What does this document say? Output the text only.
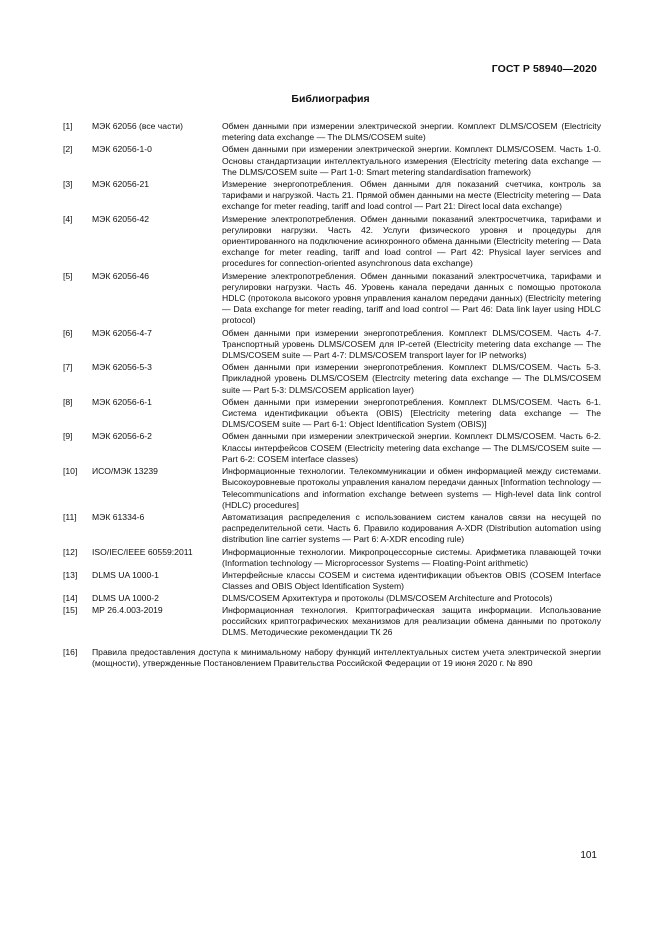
ГОСТ Р 58940—2020
Библиография
[1]	МЭК 62056 (все части)	Обмен данными при измерении электрической энергии. Комплект DLMS/COSEM (Electricity metering data exchange — The DLMS/COSEM suite)
[2]	МЭК 62056-1-0	Обмен данными при измерении электрической энергии. Комплект DLMS/COSEM. Часть 1-0. Основы стандартизации интеллектуального измерения (Electricity metering data exchange — The DLMS/COSEM suite — Part 1-0: Smart metering standardisation framework)
[3]	МЭК 62056-21	Измерение энергопотребления. Обмен данными для показаний счетчика, контроль за тарифами и нагрузкой. Часть 21. Прямой обмен данными на месте (Electricity metering — Data exchange for meter reading, tariff and load control — Part 21: Direct local data exchange)
[4]	МЭК 62056-42	Измерение электропотребления. Обмен данными показаний электросчетчика, тарифами и регулировки нагрузки. Часть 42. Услуги физического уровня и процедуры для ориентированного на подключение асинхронного обмена данными (Electricity metering — Data exchange for meter reading, tariff and load control — Part 42: Physical layer services and procedures for connection-oriented asynchronous data exchange)
[5]	МЭК 62056-46	Измерение электропотребления. Обмен данными показаний электросчетчика, тарифами и регулировки нагрузки. Часть 46. Уровень канала передачи данных с помощью протокола HDLC (протокола высокого уровня управления каналом передачи данных) (Electricity metering — Data exchange for meter reading, tariff and load control — Part 46: Data link layer using HDLC protocol)
[6]	МЭК 62056-4-7	Обмен данными при измерении энергопотребления. Комплект DLMS/COSEM. Часть 4-7. Транспортный уровень DLMS/COSEM для IP-сетей (Electricity metering data exchange — The DLMS/COSEM suite — Part 4-7: DLMS/COSEM transport layer for IP networks)
[7]	МЭК 62056-5-3	Обмен данными при измерении энергопотребления. Комплект DLMS/COSEM. Часть 5-3. Прикладной уровень DLMS/COSEM (Electrcity metering data exchange — The DLMS/COSEM suite — Part 5-3: DLMS/COSEM application layer)
[8]	МЭК 62056-6-1	Обмен данными при измерении энергопотребления. Комплект DLMS/COSEM. Часть 6-1. Система идентификации объекта (OBIS) [Electricity metering data exchange — The DLMS/COSEM suite — Part 6-1: Object Identification System (OBIS)]
[9]	МЭК 62056-6-2	Обмен данными при измерении электрической энергии. Комплект DLMS/COSEM. Часть 6-2. Классы интерфейсов COSEM (Electricity metering data exchange — The DLMS/COSEM suite — Part 6-2: COSEM interface classes)
[10]	ИСО/МЭК 13239	Информационные технологии. Телекоммуникации и обмен информацией между системами. Высокоуровневые протоколы управления каналом передачи данных [Information technology — Telecommunications and information exchange between systems — High-level data link control (HDLC) procedures]
[11]	МЭК 61334-6	Автоматизация распределения с использованием систем каналов связи на несущей по распределительной сети. Часть 6. Правило кодирования A-XDR (Distribution automation using distribution line carrier systems — Part 6: A-XDR encoding rule)
[12]	ISO/IEC/IEEE 60559:2011	Информационные технологии. Микропроцессорные системы. Арифметика плавающей точки (Information technology — Microprocessor Systems — Floating-Point arithmetic)
[13]	DLMS UA 1000-1	Интерфейсные классы COSEM и система идентификации объектов OBIS (COSEM Interface Classes and OBIS Object Identification System)
[14]	DLMS UA 1000-2	DLMS/COSEM Архитектура и протоколы (DLMS/COSEM Architecture and Protocols)
[15]	МР 26.4.003-2019	Информационная технология. Криптографическая защита информации. Использование российских криптографических механизмов для реализации обмена данными по протоколу DLMS. Методические рекомендации ТК 26
[16]	Правила предоставления доступа к минимальному набору функций интеллектуальных систем учета электрической энергии (мощности), утвержденные Постановлением Правительства Российской Федерации от 19 июня 2020 г. № 890
101
